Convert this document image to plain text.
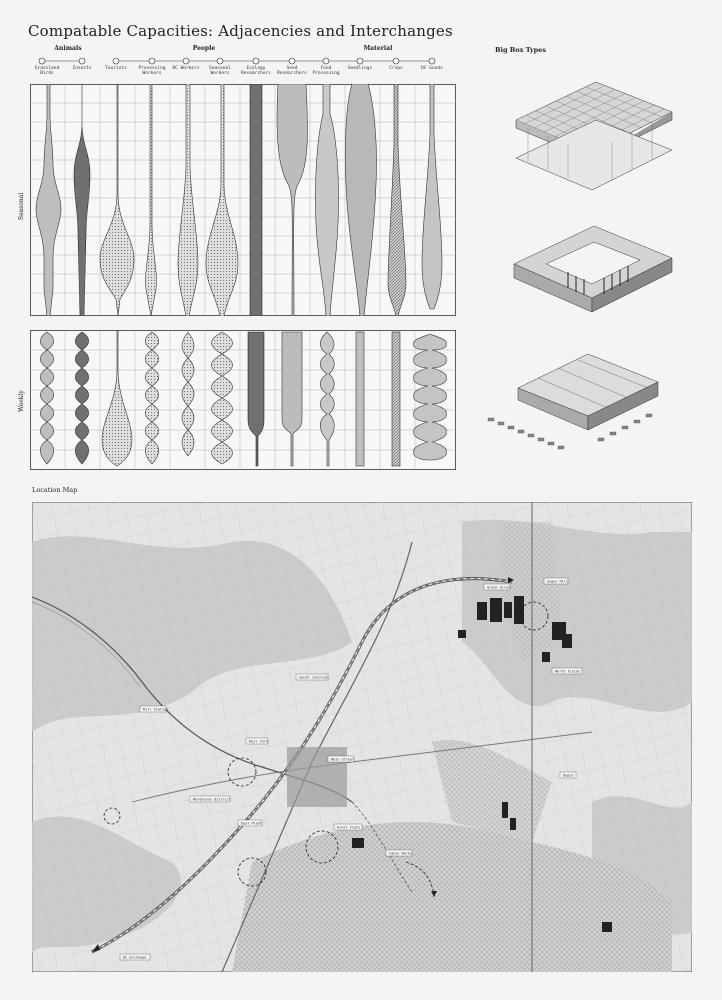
Compatable Capacities: Adjacencies and Interchanges
Animals	People	Material
Grassland Birds
Insects	Tourists	Processing Workers
DC Workers	Seasonal Workers
Ecology Researchers
Seed Researchers
Food Processing
Seedlings	Crops	DC Goods
Seasonal
Weekly
Big Box Types
Location Map
Grain Silos
Sugar Mill
Mill Station
Rail Yard
Warehouse District
Main Street
South Junction
East Plant
River Flats
North Fields
Depot
Canal Works
DC Exchange
